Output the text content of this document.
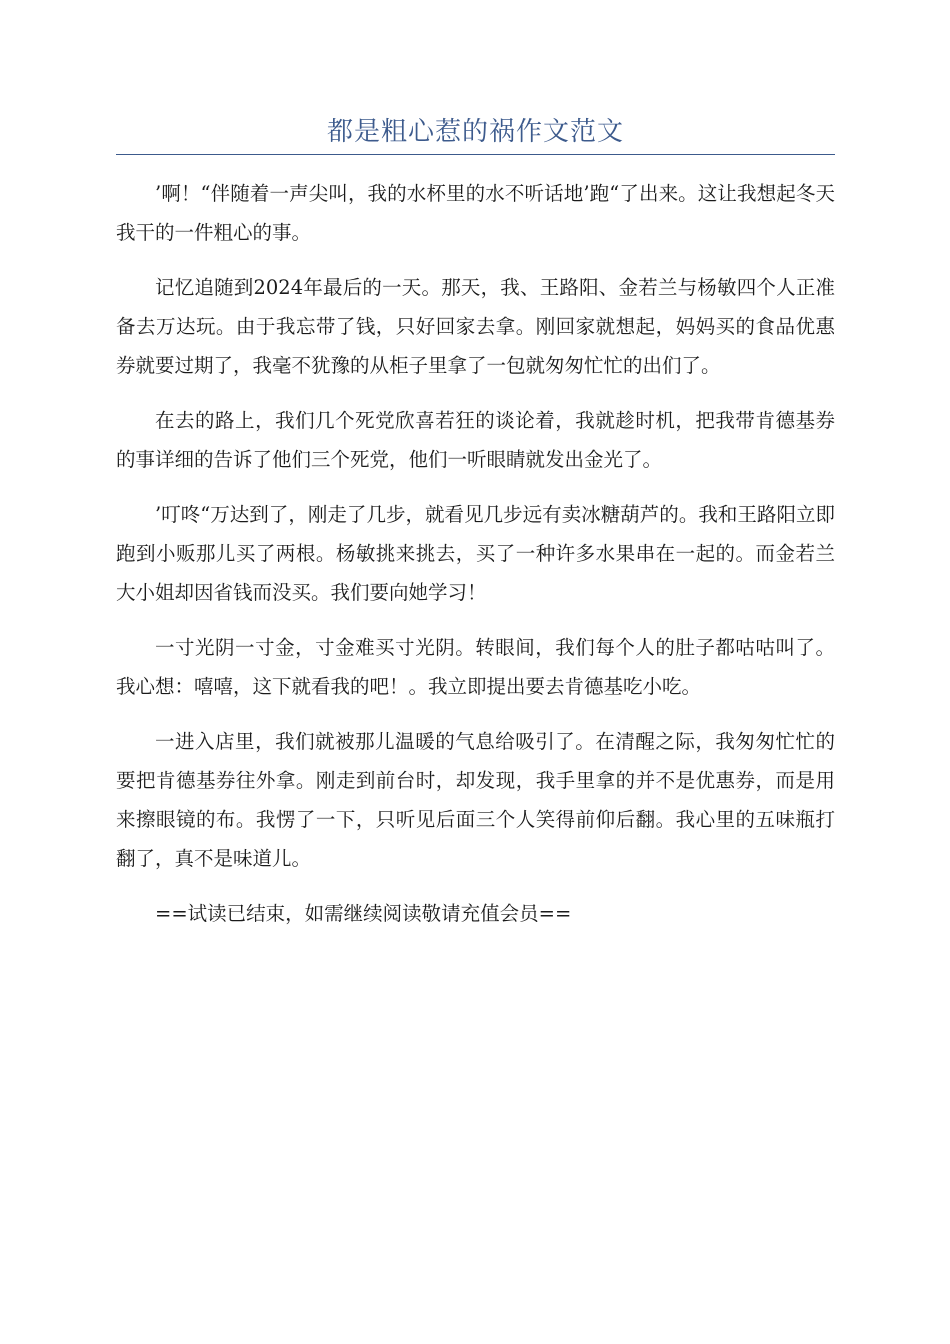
都是粗心惹的祸作文范文

’啊！“伴随着一声尖叫，我的水杯里的水不听话地’跑“了出来。这让我想起冬天我干的一件粗心的事。

记忆追随到2024年最后的一天。那天，我、王路阳、金若兰与杨敏四个人正准备去万达玩。由于我忘带了钱，只好回家去拿。刚回家就想起，妈妈买的食品优惠券就要过期了，我毫不犹豫的从柜子里拿了一包就匆匆忙忙的出们了。

在去的路上，我们几个死党欣喜若狂的谈论着，我就趁时机，把我带肯德基券的事详细的告诉了他们三个死党，他们一听眼睛就发出金光了。

’叮咚“万达到了，刚走了几步，就看见几步远有卖冰糖葫芦的。我和王路阳立即跑到小贩那儿买了两根。杨敏挑来挑去，买了一种许多水果串在一起的。而金若兰大小姐却因省钱而没买。我们要向她学习！

一寸光阴一寸金，寸金难买寸光阴。转眼间，我们每个人的肚子都咕咕叫了。我心想：嘻嘻，这下就看我的吧！。我立即提出要去肯德基吃小吃。

一进入店里，我们就被那儿温暖的气息给吸引了。在清醒之际，我匆匆忙忙的要把肯德基券往外拿。刚走到前台时，却发现，我手里拿的并不是优惠券，而是用来擦眼镜的布。我愣了一下，只听见后面三个人笑得前仰后翻。我心里的五味瓶打翻了，真不是味道儿。

==试读已结束，如需继续阅读敬请充值会员==
